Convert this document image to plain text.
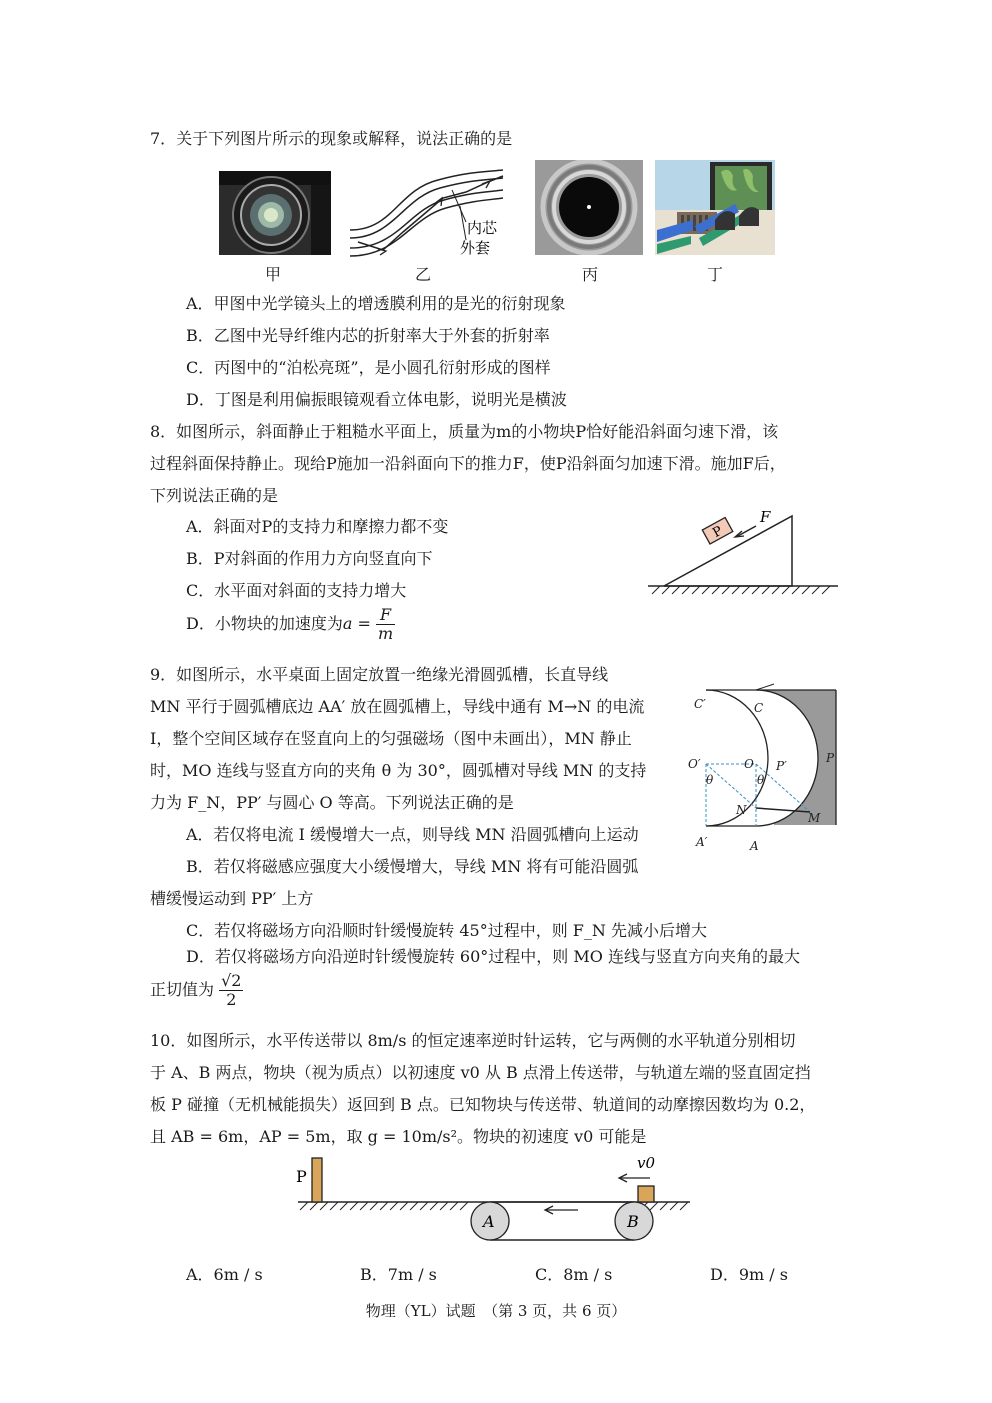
7．关于下列图片所示的现象或解释，说法正确的是
内芯
外套
甲	乙	丙	丁
A．甲图中光学镜头上的增透膜利用的是光的衍射现象
B．乙图中光导纤维内芯的折射率大于外套的折射率
C．丙图中的“泊松亮斑”，是小圆孔衍射形成的图样
D．丁图是利用偏振眼镜观看立体电影，说明光是横波
8．如图所示，斜面静止于粗糙水平面上，质量为m的小物块P恰好能沿斜面匀速下滑，该
过程斜面保持静止。现给P施加一沿斜面向下的推力F，使P沿斜面匀加速下滑。施加F后，
下列说法正确的是
A．斜面对P的支持力和摩擦力都不变
B．P对斜面的作用力方向竖直向下
C．水平面对斜面的支持力增大
D．小物块的加速度为$a = \frac{F}{m}$
P
F
9．如图所示，水平桌面上固定放置一绝缘光滑圆弧槽，长直导线
MN 平行于圆弧槽底边 AA′ 放在圆弧槽上，导线中通有 M→N 的电流
I，整个空间区域存在竖直向上的匀强磁场（图中未画出），MN 静止
时，MO 连线与竖直方向的夹角 θ 为 30°，圆弧槽对导线 MN 的支持
力为 F_N，PP′ 与圆心 O 等高。下列说法正确的是
A．若仅将电流 I 缓慢增大一点，则导线 MN 沿圆弧槽向上运动
B．若仅将磁感应强度大小缓慢增大，导线 MN 将有可能沿圆弧
槽缓慢运动到 PP′ 上方
C．若仅将磁场方向沿顺时针缓慢旋转 45°过程中，则 F_N 先减小后增大
D．若仅将磁场方向沿逆时针缓慢旋转 60°过程中，则 MO 连线与竖直方向夹角的最大
正切值为 $\frac{√2}{2}$
C′	C
P
O′	O P′
θ	θ
N
M
A′	A
10．如图所示，水平传送带以 8m/s 的恒定速率逆时针运转，它与两侧的水平轨道分别相切
于 A、B 两点，物块（视为质点）以初速度 v0 从 B 点滑上传送带，与轨道左端的竖直固定挡
板 P 碰撞（无机械能损失）返回到 B 点。已知物块与传送带、轨道间的动摩擦因数均为 0.2，
且 AB = 6m，AP = 5m，取 g = 10m/s²。物块的初速度 v0 可能是
P
A	B
v0
A．6m / s	B．7m / s	C．8m / s	D．9m / s
物理（YL）试题　（第 3 页，共 6 页）
